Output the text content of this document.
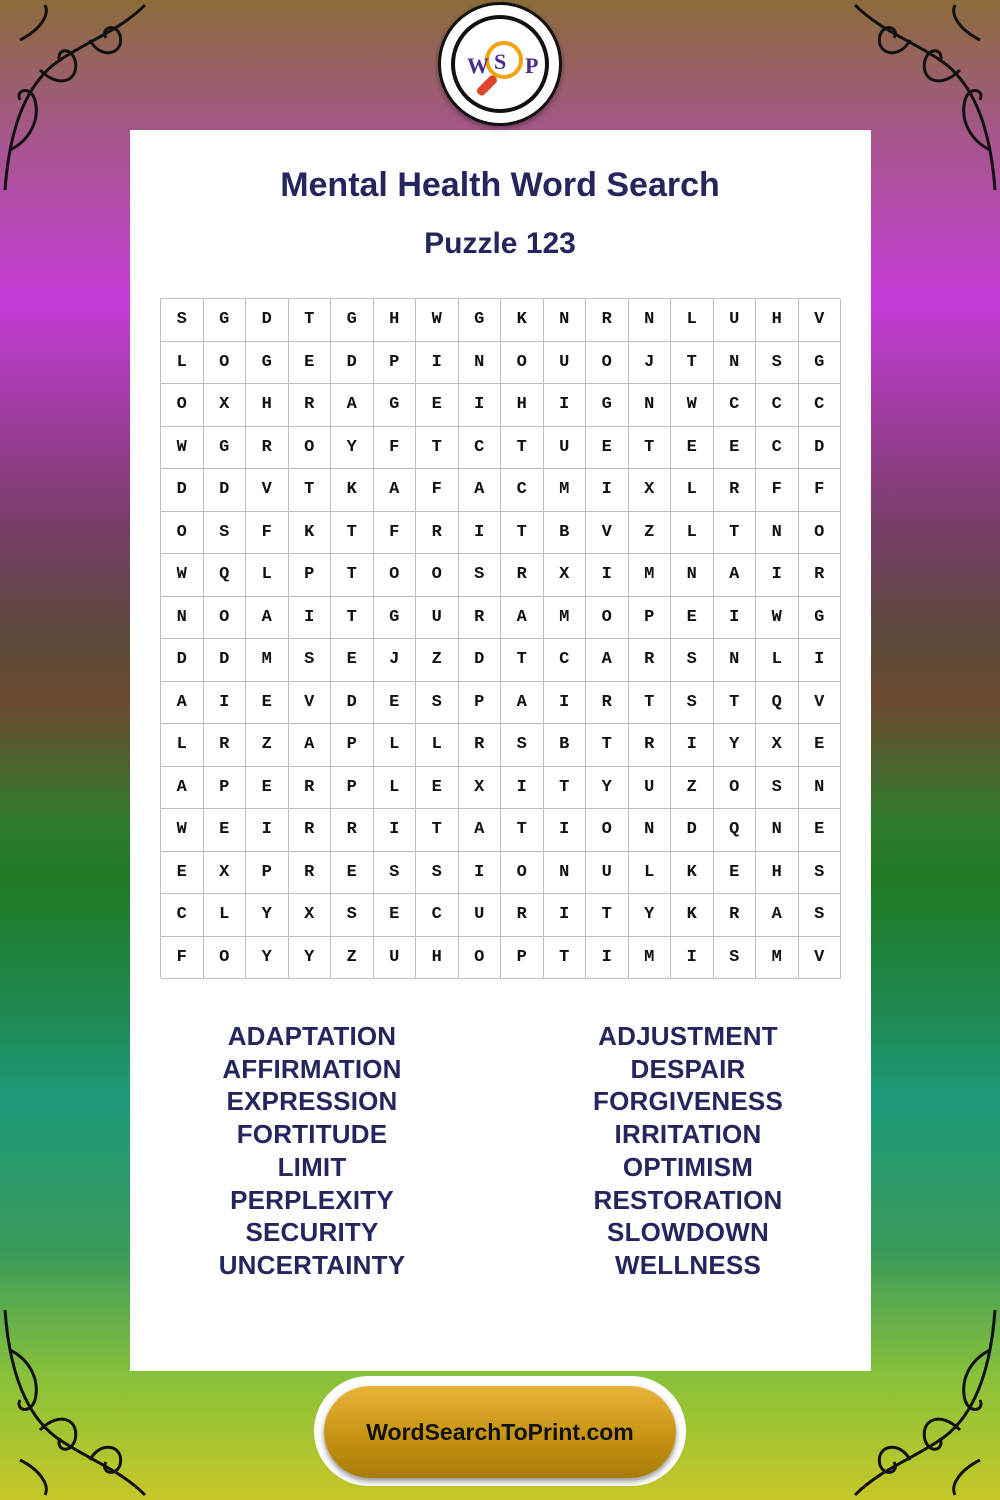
W S P
Mental Health Word Search
Puzzle 123
S	G	D	T	G	H	W	G	K	N	R	N	L	U	H	V
L	O	G	E	D	P	I	N	O	U	O	J	T	N	S	G
O	X	H	R	A	G	E	I	H	I	G	N	W	C	C	C
W	G	R	O	Y	F	T	C	T	U	E	T	E	E	C	D
D	D	V	T	K	A	F	A	C	M	I	X	L	R	F	F
O	S	F	K	T	F	R	I	T	B	V	Z	L	T	N	O
W	Q	L	P	T	O	O	S	R	X	I	M	N	A	I	R
N	O	A	I	T	G	U	R	A	M	O	P	E	I	W	G
D	D	M	S	E	J	Z	D	T	C	A	R	S	N	L	I
A	I	E	V	D	E	S	P	A	I	R	T	S	T	Q	V
L	R	Z	A	P	L	L	R	S	B	T	R	I	Y	X	E
A	P	E	R	P	L	E	X	I	T	Y	U	Z	O	S	N
W	E	I	R	R	I	T	A	T	I	O	N	D	Q	N	E
E	X	P	R	E	S	S	I	O	N	U	L	K	E	H	S
C	L	Y	X	S	E	C	U	R	I	T	Y	K	R	A	S
F	O	Y	Y	Z	U	H	O	P	T	I	M	I	S	M	V
ADAPTATION
AFFIRMATION
EXPRESSION
FORTITUDE
LIMIT
PERPLEXITY
SECURITY
UNCERTAINTY
ADJUSTMENT
DESPAIR
FORGIVENESS
IRRITATION
OPTIMISM
RESTORATION
SLOWDOWN
WELLNESS
WordSearchToPrint.com
